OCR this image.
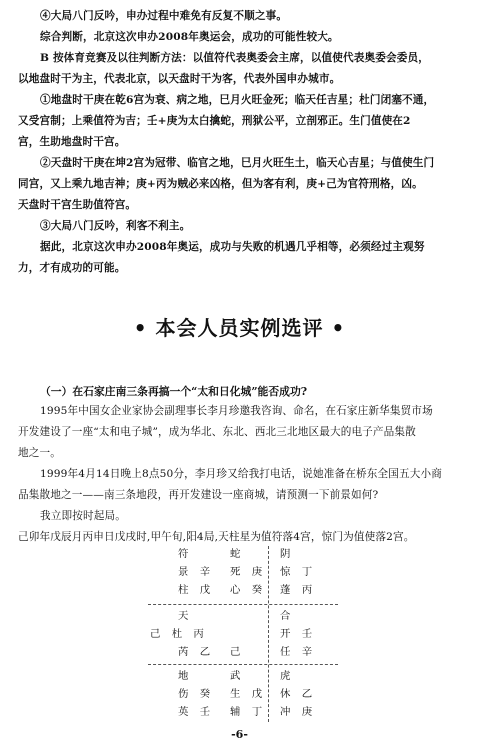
④大局八门反吟，申办过程中难免有反复不顺之事。
综合判断，北京这次申办2008年奥运会，成功的可能性较大。
B 按体育竞赛及以往判断方法：以值符代表奥委会主席，以值使代表奥委会委员，
以地盘时干为主，代表北京，以天盘时干为客，代表外国申办城市。
①地盘时干庚在乾6宫为衰、病之地，巳月火旺金死；临天任吉星；杜门闭塞不通，
又受宫制；上乘值符为吉；壬+庚为太白擒蛇，刑狱公平，立剖邪正。生门值使在2
宫，生助地盘时干宫。
②天盘时干庚在坤2宫为冠带、临官之地，巳月火旺生土，临天心吉星；与值使生门
同宫，又上乘九地吉神；庚+丙为贼必来凶格，但为客有利，庚+己为官符刑格，凶。
天盘时干宫生助值符宫。
③大局八门反吟，利客不利主。
据此，北京这次申办2008年奥运，成功与失败的机遇几乎相等，必须经过主观努
力，才有成功的可能。
• 本会人员实例选评 •
（一）在石家庄南三条再搞一个“太和日化城”能否成功?
1995年中国女企业家协会副理事长李月珍邀我咨询、命名，在石家庄新华集贸市场
开发建设了一座“太和电子城”，成为华北、东北、西北三北地区最大的电子产品集散
地之一。
1999年4月14日晚上8点50分，李月珍又给我打电话，说她准备在桥东全国五大小商
品集散地之一——南三条地段，再开发建设一座商城，请预测一下前景如何?
我立即按时起局。
己卯年戊辰月丙申日戊戌时,甲午旬,阳4局,天柱星为值符落4宫，惊门为值使落2宫。
符
景 辛
柱 戊
天
己 杜 丙
芮 乙
地
伤 癸
英 壬
蛇
死 庚
心 癸
己
武
生 戊
辅 丁
阴
惊 丁
蓬 丙
合
开 壬
任 辛
虎
休 乙
冲 庚
-6-
